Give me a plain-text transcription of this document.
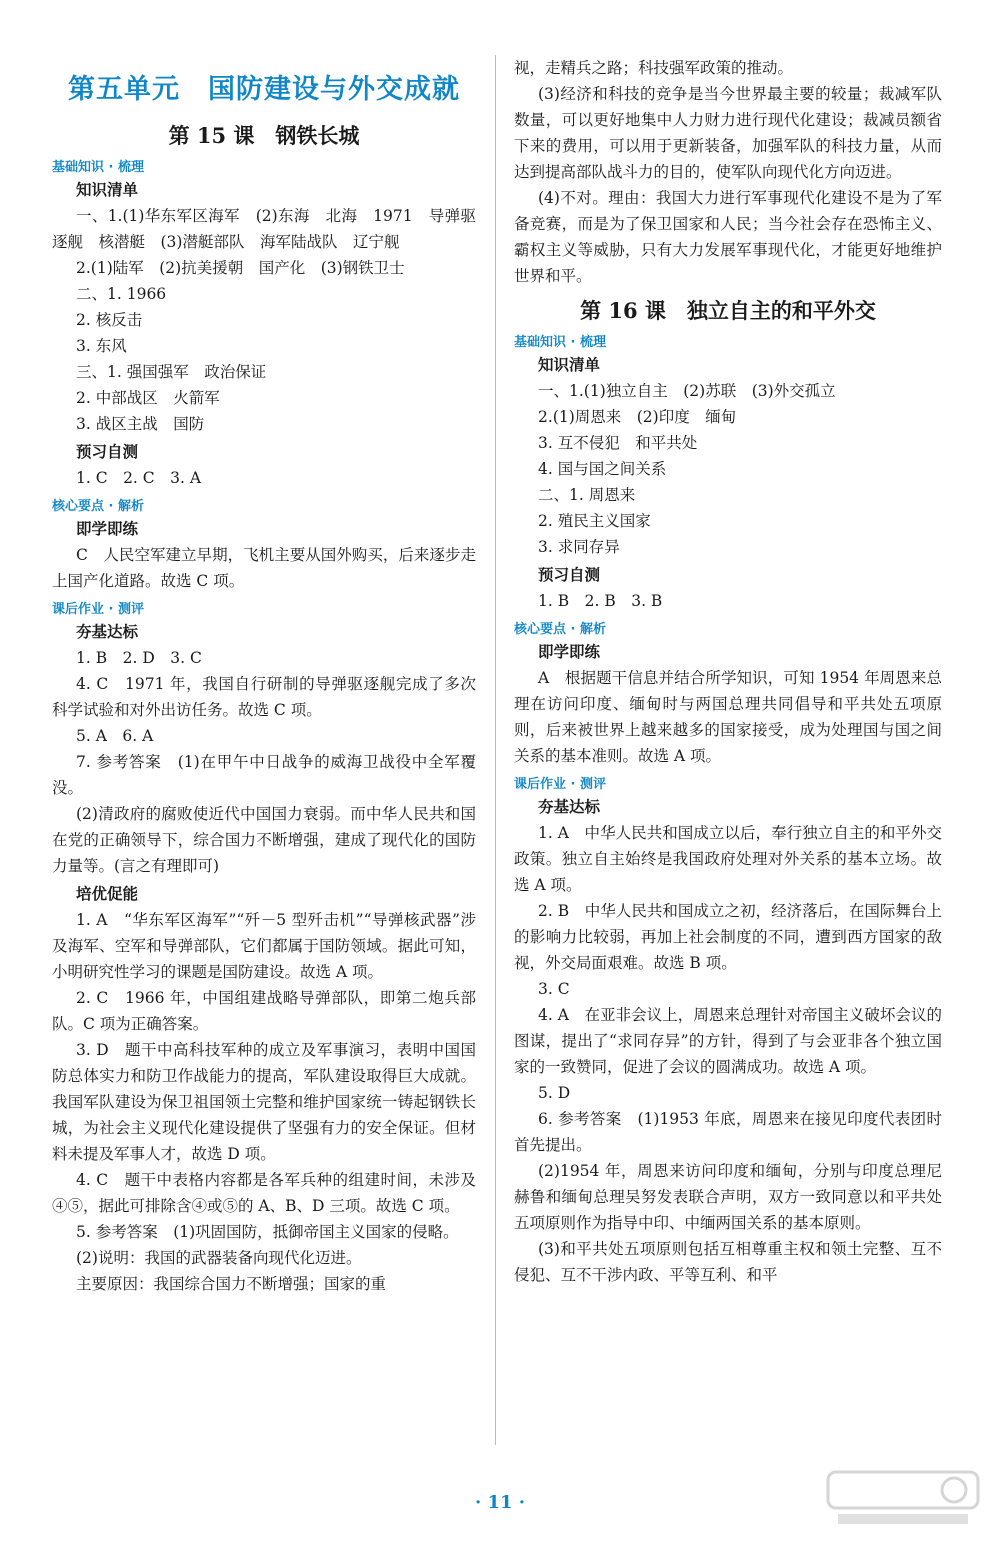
第五单元　国防建设与外交成就
第 15 课　钢铁长城
基础知识 · 梳理
知识清单

一、1.(1)华东军区海军　(2)东海　北海　1971　导弹驱逐舰　核潜艇　(3)潜艇部队　海军陆战队　辽宁舰

2.(1)陆军　(2)抗美援朝　国产化　(3)钢铁卫士

二、1. 1966

2. 核反击

3. 东风

三、1. 强国强军　政治保证

2. 中部战区　火箭军

3. 战区主战　国防

预习自测

1. C　2. C　3. A

核心要点 · 解析
即学即练

C　人民空军建立早期，飞机主要从国外购买，后来逐步走上国产化道路。故选 C 项。

课后作业 · 测评
夯基达标

1. B　2. D　3. C

4. C　1971 年，我国自行研制的导弹驱逐舰完成了多次科学试验和对外出访任务。故选 C 项。

5. A　6. A

7. 参考答案　(1)在甲午中日战争的威海卫战役中全军覆没。

(2)清政府的腐败使近代中国国力衰弱。而中华人民共和国在党的正确领导下，综合国力不断增强，建成了现代化的国防力量等。(言之有理即可)

培优促能

1. A　“华东军区海军”“歼－5 型歼击机”“导弹核武器”涉及海军、空军和导弹部队，它们都属于国防领域。据此可知，小明研究性学习的课题是国防建设。故选 A 项。

2. C　1966 年，中国组建战略导弹部队，即第二炮兵部队。C 项为正确答案。

3. D　题干中高科技军种的成立及军事演习，表明中国国防总体实力和防卫作战能力的提高，军队建设取得巨大成就。我国军队建设为保卫祖国领土完整和维护国家统一铸起钢铁长城，为社会主义现代化建设提供了坚强有力的安全保证。但材料未提及军事人才，故选 D 项。

4. C　题干中表格内容都是各军兵种的组建时间，未涉及④⑤，据此可排除含④或⑤的 A、B、D 三项。故选 C 项。

5. 参考答案　(1)巩固国防，抵御帝国主义国家的侵略。

(2)说明：我国的武器装备向现代化迈进。

主要原因：我国综合国力不断增强；国家的重

视，走精兵之路；科技强军政策的推动。

(3)经济和科技的竞争是当今世界最主要的较量；裁减军队数量，可以更好地集中人力财力进行现代化建设；裁减员额省下来的费用，可以用于更新装备，加强军队的科技力量，从而达到提高部队战斗力的目的，使军队向现代化方向迈进。

(4)不对。理由：我国大力进行军事现代化建设不是为了军备竞赛，而是为了保卫国家和人民；当今社会存在恐怖主义、霸权主义等威胁，只有大力发展军事现代化，才能更好地维护世界和平。

第 16 课　独立自主的和平外交
基础知识 · 梳理
知识清单

一、1.(1)独立自主　(2)苏联　(3)外交孤立

2.(1)周恩来　(2)印度　缅甸

3. 互不侵犯　和平共处

4. 国与国之间关系

二、1. 周恩来

2. 殖民主义国家

3. 求同存异

预习自测

1. B　2. B　3. B

核心要点 · 解析
即学即练

A　根据题干信息并结合所学知识，可知 1954 年周恩来总理在访问印度、缅甸时与两国总理共同倡导和平共处五项原则，后来被世界上越来越多的国家接受，成为处理国与国之间关系的基本准则。故选 A 项。

课后作业 · 测评
夯基达标

1. A　中华人民共和国成立以后，奉行独立自主的和平外交政策。独立自主始终是我国政府处理对外关系的基本立场。故选 A 项。

2. B　中华人民共和国成立之初，经济落后，在国际舞台上的影响力比较弱，再加上社会制度的不同，遭到西方国家的敌视，外交局面艰难。故选 B 项。

3. C

4. A　在亚非会议上，周恩来总理针对帝国主义破坏会议的图谋，提出了“求同存异”的方针，得到了与会亚非各个独立国家的一致赞同，促进了会议的圆满成功。故选 A 项。

5. D

6. 参考答案　(1)1953 年底，周恩来在接见印度代表团时首先提出。

(2)1954 年，周恩来访问印度和缅甸，分别与印度总理尼赫鲁和缅甸总理吴努发表联合声明，双方一致同意以和平共处五项原则作为指导中印、中缅两国关系的基本原则。

(3)和平共处五项原则包括互相尊重主权和领土完整、互不侵犯、互不干涉内政、平等互利、和平

· 11 ·
